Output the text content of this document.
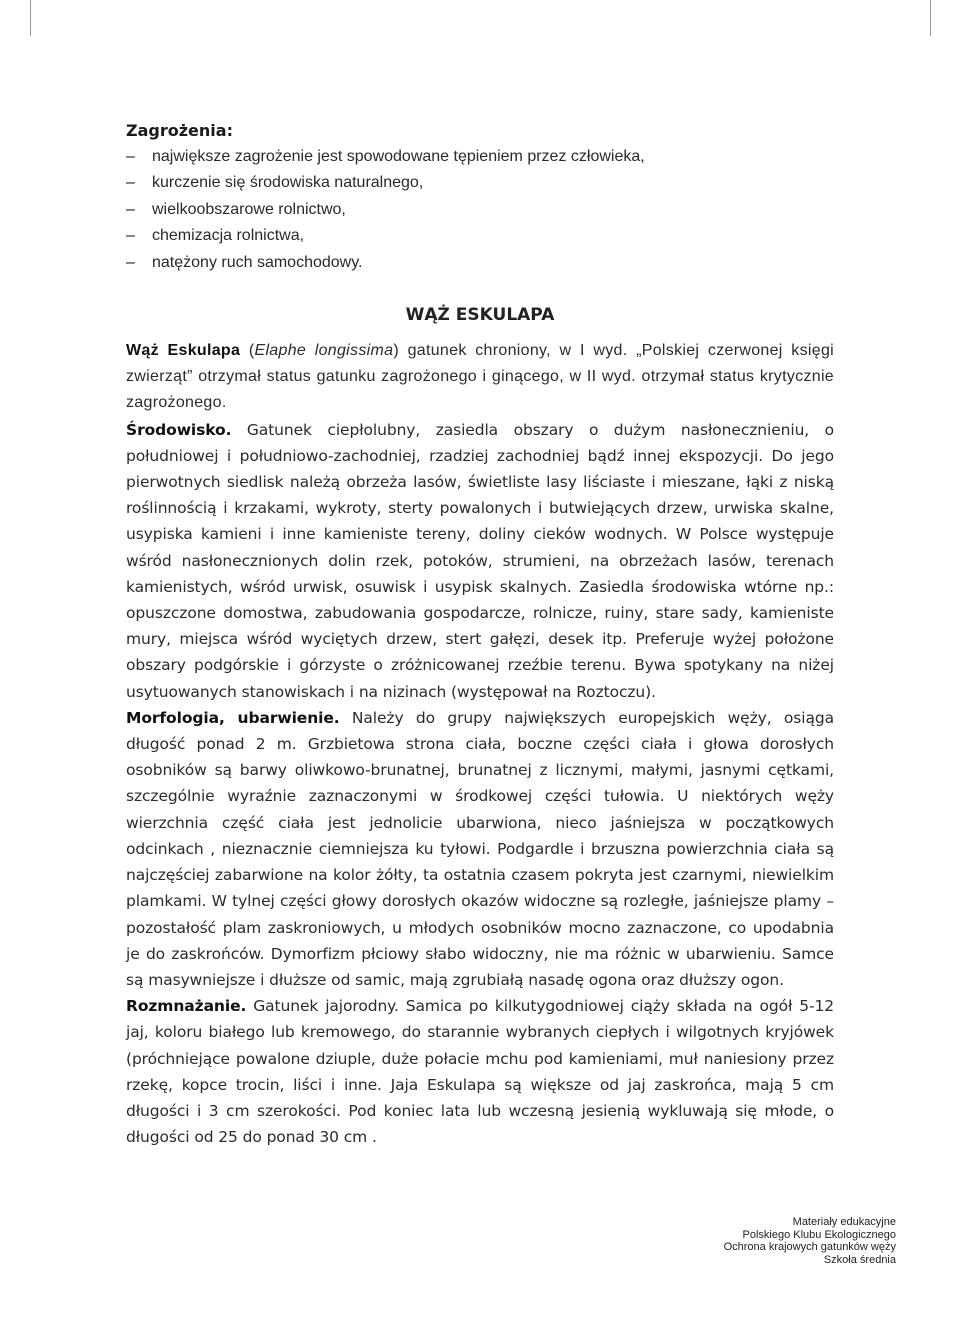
Zagrożenia:
– największe zagrożenie jest spowodowane tępieniem przez człowieka,
– kurczenie się środowiska naturalnego,
– wielkoobszarowe rolnictwo,
– chemizacja rolnictwa,
– natężony ruch samochodowy.
WĄŻ ESKULAPA

Wąż Eskulapa (Elaphe longissima) gatunek chroniony, w I wyd. „Polskiej czerwonej księgi zwierząt” otrzymał status gatunku zagrożonego i ginącego, w II wyd. otrzymał status krytycznie zagrożonego.

Środowisko. Gatunek ciepłolubny, zasiedla obszary o dużym nasłonecznieniu, o południowej i południowo-zachodniej, rzadziej zachodniej bądź innej ekspozycji. Do jego pierwotnych siedlisk należą obrzeża lasów, świetliste lasy liściaste i mieszane, łąki z niską roślinnością i krzakami, wykroty, sterty powalonych i butwiejących drzew, urwiska skalne, usypiska kamieni i inne kamieniste tereny, doliny cieków wodnych. W Polsce występuje wśród nasłonecznionych dolin rzek, potoków, strumieni, na obrzeżach lasów, terenach kamienistych, wśród urwisk, osuwisk i usypisk skalnych. Zasiedla środowiska wtórne np.: opuszczone domostwa, zabudowania gospodarcze, rolnicze, ruiny, stare sady, kamieniste mury, miejsca wśród wyciętych drzew, stert gałęzi, desek itp. Preferuje wyżej położone obszary podgórskie i górzyste o zróżnicowanej rzeźbie terenu. Bywa spotykany na niżej usytuowanych stanowiskach i na nizinach (występował na Roztoczu).

Morfologia, ubarwienie. Należy do grupy największych europejskich węży, osiąga długość ponad 2 m. Grzbietowa strona ciała, boczne części ciała i głowa dorosłych osobników są barwy oliwkowo-brunatnej, brunatnej z licznymi, małymi, jasnymi cętkami, szczególnie wyraźnie zaznaczonymi w środkowej części tułowia. U niektórych węży wierzchnia część ciała jest jednolicie ubarwiona, nieco jaśniejsza w początkowych odcinkach , nieznacznie ciemniejsza ku tyłowi. Podgardle i brzuszna powierzchnia ciała są najczęściej zabarwione na kolor żółty, ta ostatnia czasem pokryta jest czarnymi, niewielkim plamkami. W tylnej części głowy dorosłych okazów widoczne są rozległe, jaśniejsze plamy – pozostałość plam zaskroniowych, u młodych osobników mocno zaznaczone, co upodabnia je do zaskrońców. Dymorfizm płciowy słabo widoczny, nie ma różnic w ubarwieniu. Samce są masywniejsze i dłuższe od samic, mają zgrubiałą nasadę ogona oraz dłuższy ogon.

Rozmnażanie. Gatunek jajorodny. Samica po kilkutygodniowej ciąży składa na ogół 5-12 jaj, koloru białego lub kremowego, do starannie wybranych ciepłych i wilgotnych kryjówek (próchniejące powalone dziuple, duże połacie mchu pod kamieniami, muł naniesiony przez rzekę, kopce trocin, liści i inne. Jaja Eskulapa są większe od jaj zaskrońca, mają 5 cm długości i 3 cm szerokości. Pod koniec lata lub wczesną jesienią wykluwają się młode, o długości od 25 do ponad 30 cm .

Materiały edukacyjne
Polskiego Klubu Ekologicznego
Ochrona krajowych gatunków węży
Szkoła średnia
